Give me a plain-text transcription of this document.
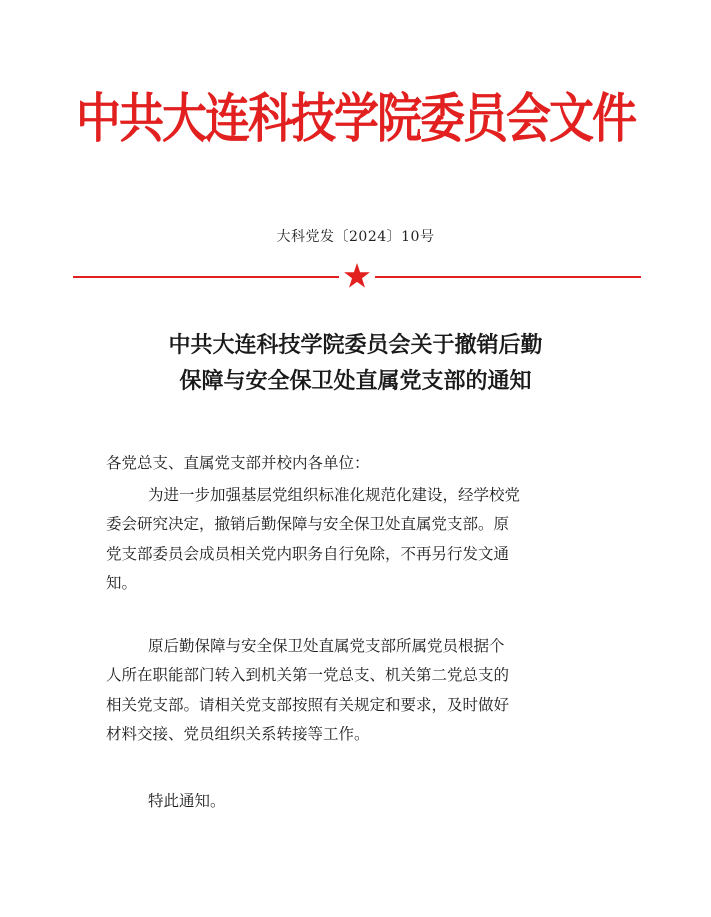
中共大连科技学院委员会文件
大科党发〔2024〕10号
中共大连科技学院委员会关于撤销后勤
保障与安全保卫处直属党支部的通知
各党总支、直属党支部并校内各单位：
为进一步加强基层党组织标准化规范化建设，经学校党
委会研究决定，撤销后勤保障与安全保卫处直属党支部。原
党支部委员会成员相关党内职务自行免除，不再另行发文通
知。
原后勤保障与安全保卫处直属党支部所属党员根据个
人所在职能部门转入到机关第一党总支、机关第二党总支的
相关党支部。请相关党支部按照有关规定和要求，及时做好
材料交接、党员组织关系转接等工作。
特此通知。
